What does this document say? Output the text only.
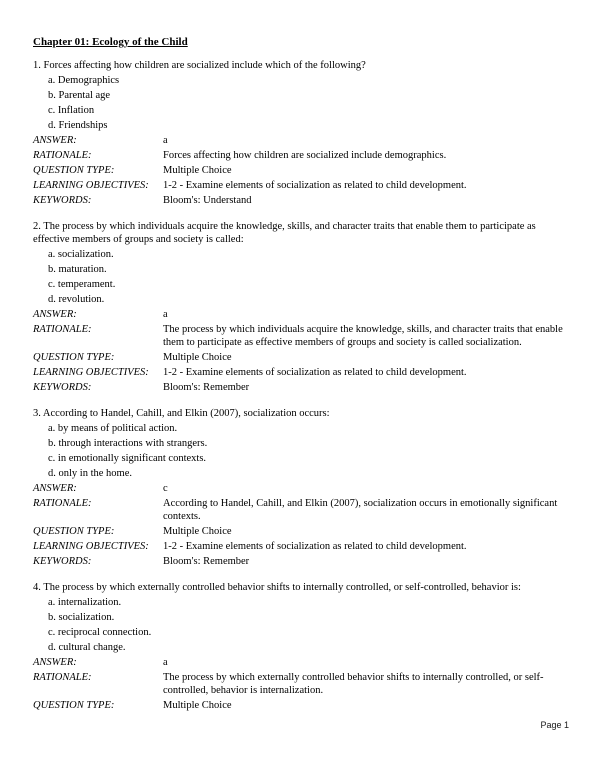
Chapter 01: Ecology of the Child

1. Forces affecting how children are socialized include which of the following?

a. Demographics
b. Parental age
c. Inflation
d. Friendships
ANSWER:	a
RATIONALE:	Forces affecting how children are socialized include demographics.
QUESTION TYPE:	Multiple Choice
LEARNING OBJECTIVES:	1-2 - Examine elements of socialization as related to child development.
KEYWORDS:	Bloom's: Understand

2. The process by which individuals acquire the knowledge, skills, and character traits that enable them to participate as effective members of groups and society is called:

a. socialization.
b. maturation.
c. temperament.
d. revolution.
ANSWER:	a
RATIONALE:	The process by which individuals acquire the knowledge, skills, and character traits that enable them to participate as effective members of groups and society is called socialization.
QUESTION TYPE:	Multiple Choice
LEARNING OBJECTIVES:	1-2 - Examine elements of socialization as related to child development.
KEYWORDS:	Bloom's: Remember

3. According to Handel, Cahill, and Elkin (2007), socialization occurs:

a. by means of political action.
b. through interactions with strangers.
c. in emotionally significant contexts.
d. only in the home.
ANSWER:	c
RATIONALE:	According to Handel, Cahill, and Elkin (2007), socialization occurs in emotionally significant contexts.
QUESTION TYPE:	Multiple Choice
LEARNING OBJECTIVES:	1-2 - Examine elements of socialization as related to child development.
KEYWORDS:	Bloom's: Remember

4. The process by which externally controlled behavior shifts to internally controlled, or self-controlled, behavior is:

a. internalization.
b. socialization.
c. reciprocal connection.
d. cultural change.
ANSWER:	a
RATIONALE:	The process by which externally controlled behavior shifts to internally controlled, or self-controlled, behavior is internalization.
QUESTION TYPE:	Multiple Choice
Page 1
